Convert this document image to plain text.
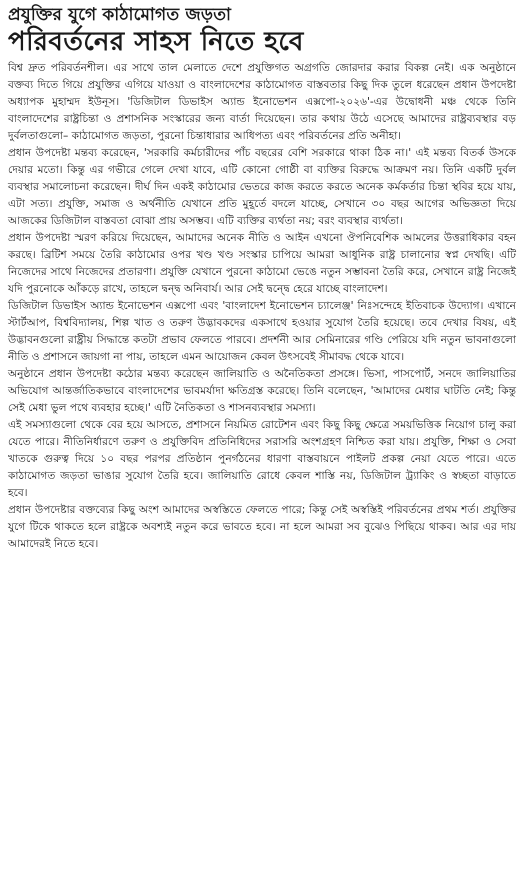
প্রযুক্তির যুগে কাঠামোগত জড়তা
পরিবর্তনের সাহস নিতে হবে

বিশ্ব দ্রুত পরিবর্তনশীল। এর সাথে তাল মেলাতে দেশে প্রযুক্তিগত অগ্রগতি জোরদার করার বিকল্প নেই। এক অনুষ্ঠানে বক্তব্য দিতে গিয়ে প্রযুক্তির এগিয়ে যাওয়া ও বাংলাদেশের কাঠামোগত বাস্তবতার কিছু দিক তুলে ধরেছেন প্রধান উপদেষ্টা অধ্যাপক মুহাম্মদ ইউনূস। 'ডিজিটাল ডিভাইস অ্যান্ড ইনোভেশন এক্সপো-২০২৬'-এর উদ্বোধনী মঞ্চ থেকে তিনি বাংলাদেশের রাষ্ট্রচিন্তা ও প্রশাসনিক সংস্কারের জন্য বার্তা দিয়েছেন। তার কথায় উঠে এসেছে আমাদের রাষ্ট্রব্যবস্থার বড় দুর্বলতাগুলো– কাঠামোগত জড়তা, পুরনো চিন্তাধারার আধিপত্য এবং পরিবর্তনের প্রতি অনীহা।

প্রধান উপদেষ্টা মন্তব্য করেছেন, 'সরকারি কর্মচারীদের পাঁচ বছরের বেশি সরকারে থাকা ঠিক না।' এই মন্তব্য বিতর্ক উসকে দেয়ার মতো। কিন্তু এর গভীরে গেলে দেখা যাবে, এটি কোনো গোষ্ঠী বা ব্যক্তির বিরুদ্ধে আক্রমণ নয়। তিনি একটি দুর্বল ব্যবস্থার সমালোচনা করেছেন। দীর্ঘ দিন একই কাঠামোর ভেতরে কাজ করতে করতে অনেক কর্মকর্তার চিন্তা স্থবির হয়ে যায়, এটা সত্য। প্রযুক্তি, সমাজ ও অর্থনীতি যেখানে প্রতি মুহূর্তে বদলে যাচ্ছে, সেখানে ৩০ বছর আগের অভিজ্ঞতা দিয়ে আজকের ডিজিটাল বাস্তবতা বোঝা প্রায় অসম্ভব। এটি ব্যক্তির ব্যর্থতা নয়; বরং ব্যবস্থার ব্যর্থতা।

প্রধান উপদেষ্টা স্মরণ করিয়ে দিয়েছেন, আমাদের অনেক নীতি ও আইন এখনো ঔপনিবেশিক আমলের উত্তরাধিকার বহন করছে। ব্রিটিশ সময়ে তৈরি কাঠামোর ওপর খণ্ড খণ্ড সংস্কার চাপিয়ে আমরা আধুনিক রাষ্ট্র চালানোর স্বপ্ন দেখছি। এটি নিজেদের সাথে নিজেদের প্রতারণা। প্রযুক্তি যেখানে পুরনো কাঠামো ভেঙে নতুন সম্ভাবনা তৈরি করে, সেখানে রাষ্ট্র নিজেই যদি পুরনোকে আঁকড়ে রাখে, তাহলে দ্বন্দ্ব অনিবার্য। আর সেই দ্বন্দ্বে হেরে যাচ্ছে বাংলাদেশ।

ডিজিটাল ডিভাইস অ্যান্ড ইনোভেশন এক্সপো এবং 'বাংলাদেশ ইনোভেশন চ্যালেঞ্জ' নিঃসন্দেহে ইতিবাচক উদ্যোগ। এখানে স্টার্টআপ, বিশ্ববিদ্যালয়, শিল্প খাত ও তরুণ উদ্ভাবকদের একসাথে হওয়ার সুযোগ তৈরি হয়েছে। তবে দেখার বিষয়, এই উদ্ভাবনগুলো রাষ্ট্রীয় সিদ্ধান্তে কতটা প্রভাব ফেলতে পারবে। প্রদর্শনী আর সেমিনারের গণ্ডি পেরিয়ে যদি নতুন ভাবনাগুলো নীতি ও প্রশাসনে জায়গা না পায়, তাহলে এমন আয়োজন কেবল উৎসবেই সীমাবদ্ধ থেকে যাবে।

অনুষ্ঠানে প্রধান উপদেষ্টা কঠোর মন্তব্য করেছেন জালিয়াতি ও অনৈতিকতা প্রসঙ্গে। ভিসা, পাসপোর্ট, সনদে জালিয়াতির অভিযোগ আন্তর্জাতিকভাবে বাংলাদেশের ভাবমর্যাদা ক্ষতিগ্রস্ত করেছে। তিনি বলেছেন, 'আমাদের মেধার ঘাটতি নেই; কিন্তু সেই মেধা ভুল পথে ব্যবহার হচ্ছে।' এটি নৈতিকতা ও শাসনব্যবস্থার সমস্যা।

এই সমস্যাগুলো থেকে বের হয়ে আসতে, প্রশাসনে নিয়মিত রোটেশন এবং কিছু কিছু ক্ষেত্রে সময়ভিত্তিক নিয়োগ চালু করা যেতে পারে। নীতিনির্ধারণে তরুণ ও প্রযুক্তিবিদ প্রতিনিধিদের সরাসরি অংশগ্রহণ নিশ্চিত করা যায়। প্রযুক্তি, শিক্ষা ও সেবা খাতকে গুরুত্ব দিয়ে ১০ বছর পরপর প্রতিষ্ঠান পুনর্গঠনের ধারণা বাস্তবায়নে পাইলট প্রকল্প নেয়া যেতে পারে। এতে কাঠামোগত জড়তা ভাঙার সুযোগ তৈরি হবে। জালিয়াতি রোধে কেবল শাস্তি নয়, ডিজিটাল ট্র্যাকিং ও স্বচ্ছতা বাড়াতে হবে।

প্রধান উপদেষ্টার বক্তব্যের কিছু অংশ আমাদের অস্বস্তিতে ফেলতে পারে; কিন্তু সেই অস্বস্তিই পরিবর্তনের প্রথম শর্ত। প্রযুক্তির যুগে টিকে থাকতে হলে রাষ্ট্রকে অবশ্যই নতুন করে ভাবতে হবে। না হলে আমরা সব বুঝেও পিছিয়ে থাকব। আর এর দায় আমাদেরই নিতে হবে।
